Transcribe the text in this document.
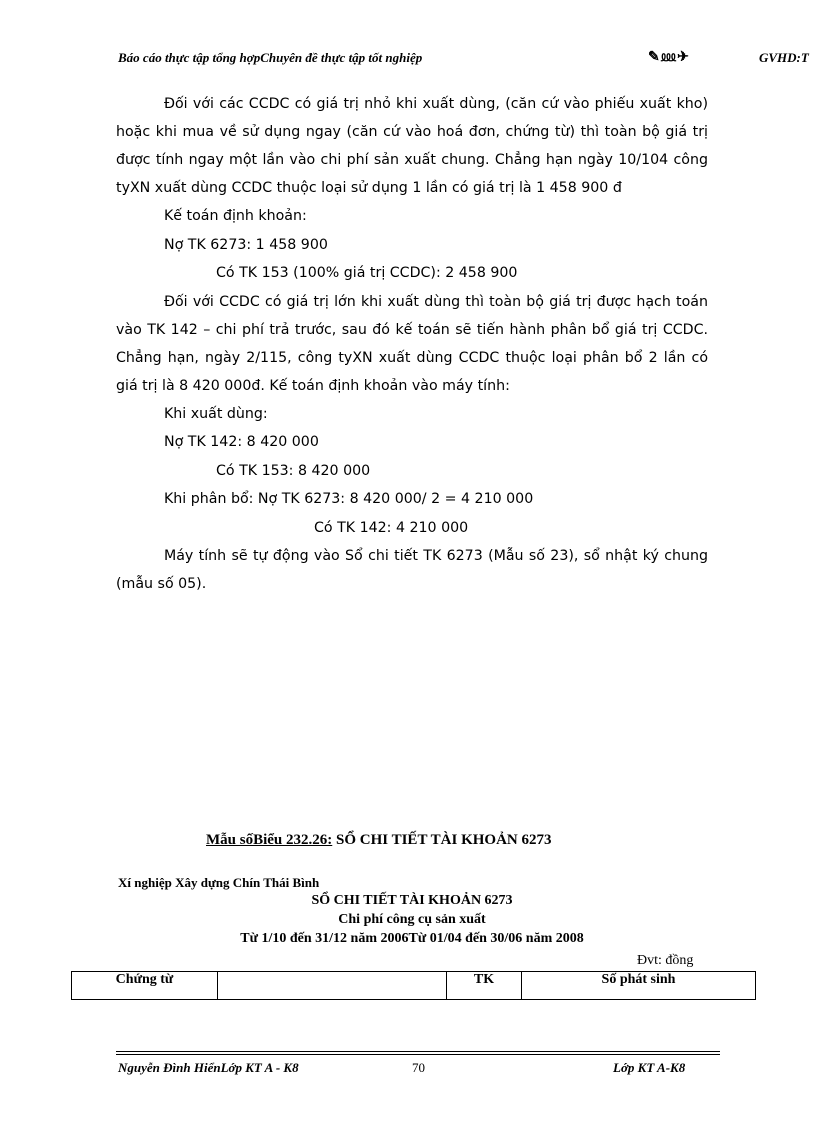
Báo cáo thực tập tổng hợpChuyên đề thực tập tốt nghiệp	✎ ⅏ ✈	GVHD:T

Đối với các CCDC có giá trị nhỏ khi xuất dùng, (căn cứ vào phiếu xuất kho) hoặc khi mua về sử dụng ngay (căn cứ vào hoá đơn, chứng từ) thì toàn bộ giá trị được tính ngay một lần vào chi phí sản xuất chung. Chẳng hạn ngày 10/104 công tyXN xuất dùng CCDC thuộc loại sử dụng 1 lần có giá trị là 1 458 900 đ

Kế toán định khoản:

Nợ TK 6273: 1 458 900

Có TK 153 (100% giá trị CCDC): 2 458 900

Đối với CCDC có giá trị lớn khi xuất dùng thì toàn bộ giá trị được hạch toán vào TK 142 – chi phí trả trước, sau đó kế toán sẽ tiến hành phân bổ giá trị CCDC. Chẳng hạn, ngày 2/115, công tyXN xuất dùng CCDC thuộc loại phân bổ 2 lần có giá trị là 8 420 000đ. Kế toán định khoản vào máy tính:

Khi xuất dùng:

Nợ TK 142: 8 420 000

Có TK 153: 8 420 000

Khi phân bổ: Nợ TK 6273: 8 420 000/ 2 = 4 210 000

Có TK 142: 4 210 000

Máy tính sẽ tự động vào Sổ chi tiết TK 6273 (Mẫu số 23), sổ nhật ký chung (mẫu số 05).

Mẫu sốBiểu 232.26: SỔ CHI TIẾT TÀI KHOẢN 6273
Xí nghiệp Xây dựng Chín Thái Bình
SỔ CHI TIẾT TÀI KHOẢN 6273
Chi phí công cụ sản xuất
Từ 1/10 đến 31/12 năm 2006Từ 01/04 đến 30/06 năm 2008
Đvt: đồng
Chứng từ		TK	Số phát sinh
Nguyễn Đình HiểnLớp KT A - K8	70	Lớp KT A-K8
